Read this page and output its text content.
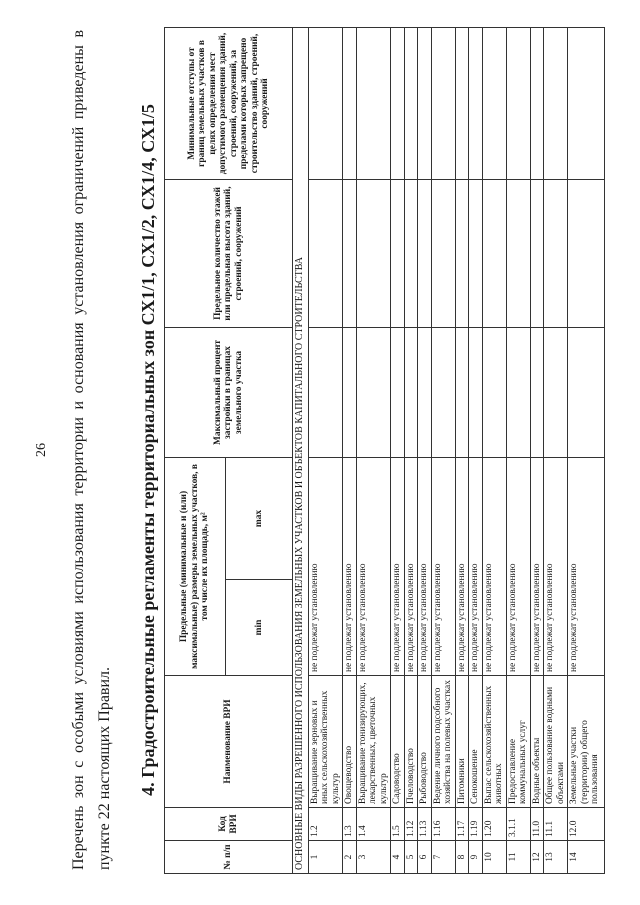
26 Перечень зон с особыми условиями использования территории и основания установления ограничений приведены в пункте 22 настоящих Правил. 4. Градостроительные регламенты территориальных зон СХ1/1, СХ1/2, СХ1/4, СХ1/5
№ п/п	Код ВРИ	Наименование ВРИ	Предельные (минимальные и (или) максимальные) размеры земельных участков, в том числе их площадь, м²		Максимальный процент застройки в границах земельного участка	Предельное количество этажей или предельная высота зданий, строений, сооружений	Минимальные отступы от границ земельных участков в целях определения мест допустимого размещения зданий, строений, сооружений, за пределами которых запрещено строительство зданий, строений, сооружений
			min	max			
ОСНОВНЫЕ ВИДЫ РАЗРЕШЕННОГО ИСПОЛЬЗОВАНИЯ ЗЕМЕЛЬНЫХ УЧАСТКОВ И ОБЪЕКТОВ КАПИТАЛЬНОГО СТРОИТЕЛЬСТВА							
1	1.2	Выращивание зерновых и иных сельскохозяйственных культур	не подлежат установлению				
2	1.3	Овощеводство	не подлежат установлению				
3	1.4	Выращивание тонизирующих, лекарственных, цветочных культур	не подлежат установлению				
4	1.5	Садоводство	не подлежат установлению				
5	1.12	Пчеловодство	не подлежат установлению				
6	1.13	Рыбоводство	не подлежат установлению				
7	1.16	Ведение личного подсобного хозяйства на полевых участках	не подлежат установлению				
8	1.17	Питомники	не подлежат установлению				
9	1.19	Сенокошение	не подлежат установлению				
10	1.20	Выпас сельскохозяйственных животных	не подлежат установлению				
11	3.1.1	Предоставление коммунальных услуг	не подлежат установлению				
12	11.0	Водные объекты	не подлежат установлению				
13	11.1	Общее пользование водными объектами	не подлежат установлению				
14	12.0	Земельные участки (территории) общего пользования	не подлежат установлению				
